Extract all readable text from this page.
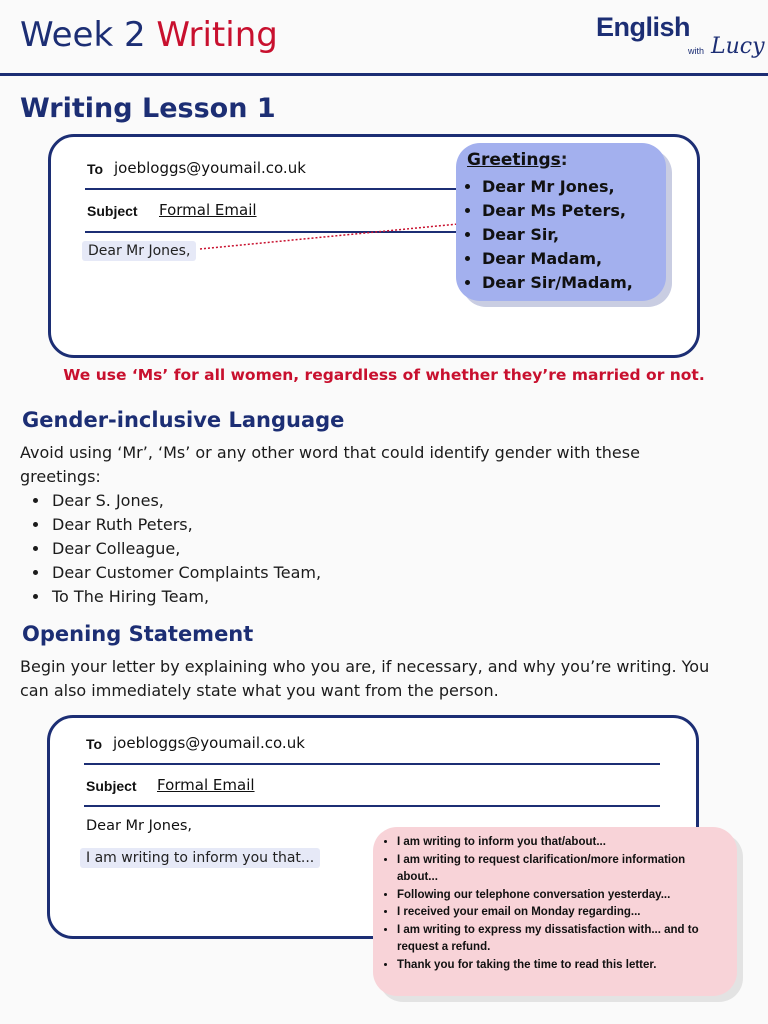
Week 2 Writing	English
with Lucy
Writing Lesson 1
To joebloggs@youmail.co.uk
Subject Formal Email
Dear Mr Jones,
Greetings:
• Dear Mr Jones,
• Dear Ms Peters,
• Dear Sir,
• Dear Madam,
• Dear Sir/Madam,
We use ‘Ms’ for all women, regardless of whether they’re married or not.
Gender-inclusive Language
Avoid using ‘Mr’, ‘Ms’ or any other word that could identify gender with these greetings:
• Dear S. Jones,
• Dear Ruth Peters,
• Dear Colleague,
• Dear Customer Complaints Team,
• To The Hiring Team,
Opening Statement
Begin your letter by explaining who you are, if necessary, and why you’re writing. You can also immediately state what you want from the person.
To joebloggs@youmail.co.uk
Subject Formal Email
Dear Mr Jones,
I am writing to inform you that...
• I am writing to inform you that/about...
• I am writing to request clarification/more information about...
• Following our telephone conversation yesterday...
• I received your email on Monday regarding...
• I am writing to express my dissatisfaction with... and to request a refund.
• Thank you for taking the time to read this letter.
